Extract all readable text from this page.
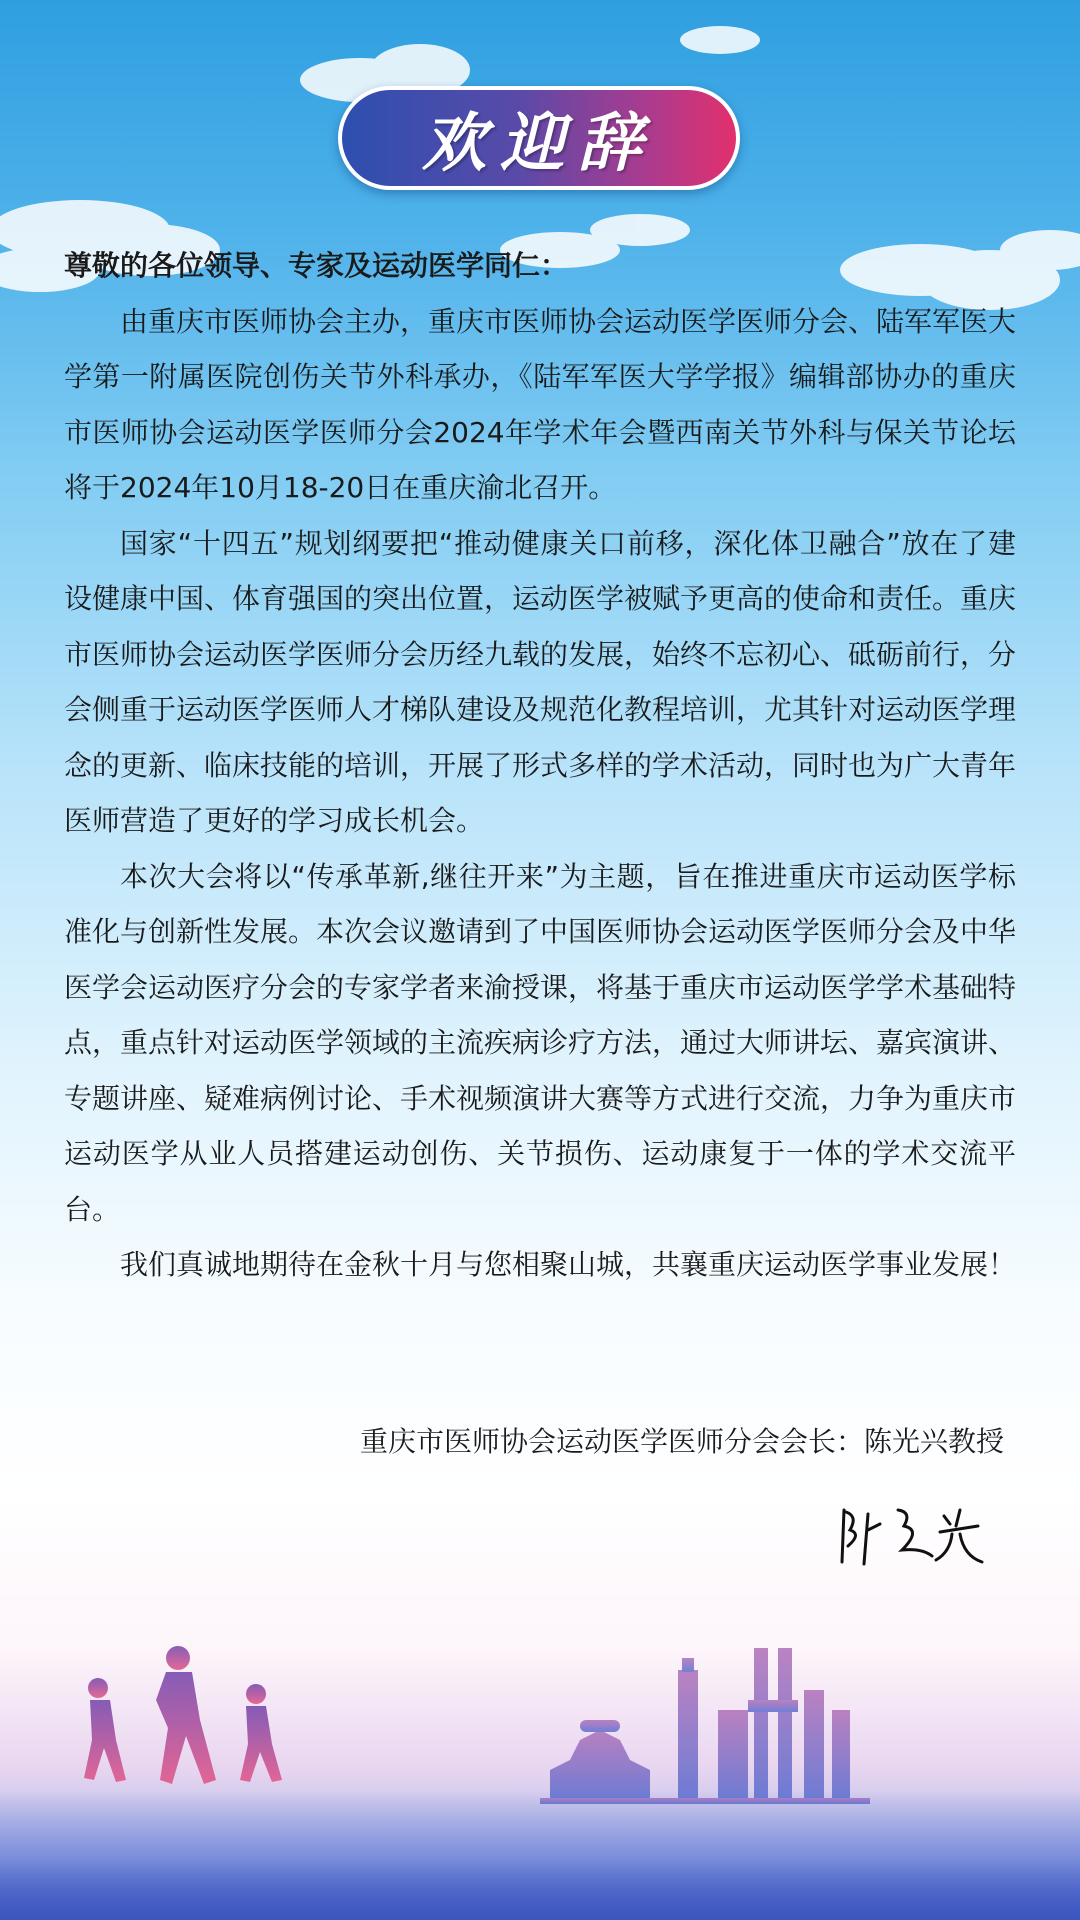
欢迎辞

尊敬的各位领导、专家及运动医学同仁：

由重庆市医师协会主办，重庆市医师协会运动医学医师分会、陆军军医大学第一附属医院创伤关节外科承办，《陆军军医大学学报》编辑部协办的重庆市医师协会运动医学医师分会2024年学术年会暨西南关节外科与保关节论坛将于2024年10月18-20日在重庆渝北召开。

国家“十四五”规划纲要把“推动健康关口前移，深化体卫融合”放在了建设健康中国、体育强国的突出位置，运动医学被赋予更高的使命和责任。重庆市医师协会运动医学医师分会历经九载的发展，始终不忘初心、砥砺前行，分会侧重于运动医学医师人才梯队建设及规范化教程培训，尤其针对运动医学理念的更新、临床技能的培训，开展了形式多样的学术活动，同时也为广大青年医师营造了更好的学习成长机会。

本次大会将以“传承革新,继往开来”为主题，旨在推进重庆市运动医学标准化与创新性发展。本次会议邀请到了中国医师协会运动医学医师分会及中华医学会运动医疗分会的专家学者来渝授课，将基于重庆市运动医学学术基础特点，重点针对运动医学领域的主流疾病诊疗方法，通过大师讲坛、嘉宾演讲、专题讲座、疑难病例讨论、手术视频演讲大赛等方式进行交流，力争为重庆市运动医学从业人员搭建运动创伤、关节损伤、运动康复于一体的学术交流平台。

我们真诚地期待在金秋十月与您相聚山城，共襄重庆运动医学事业发展！

重庆市医师协会运动医学医师分会会长：陈光兴教授
